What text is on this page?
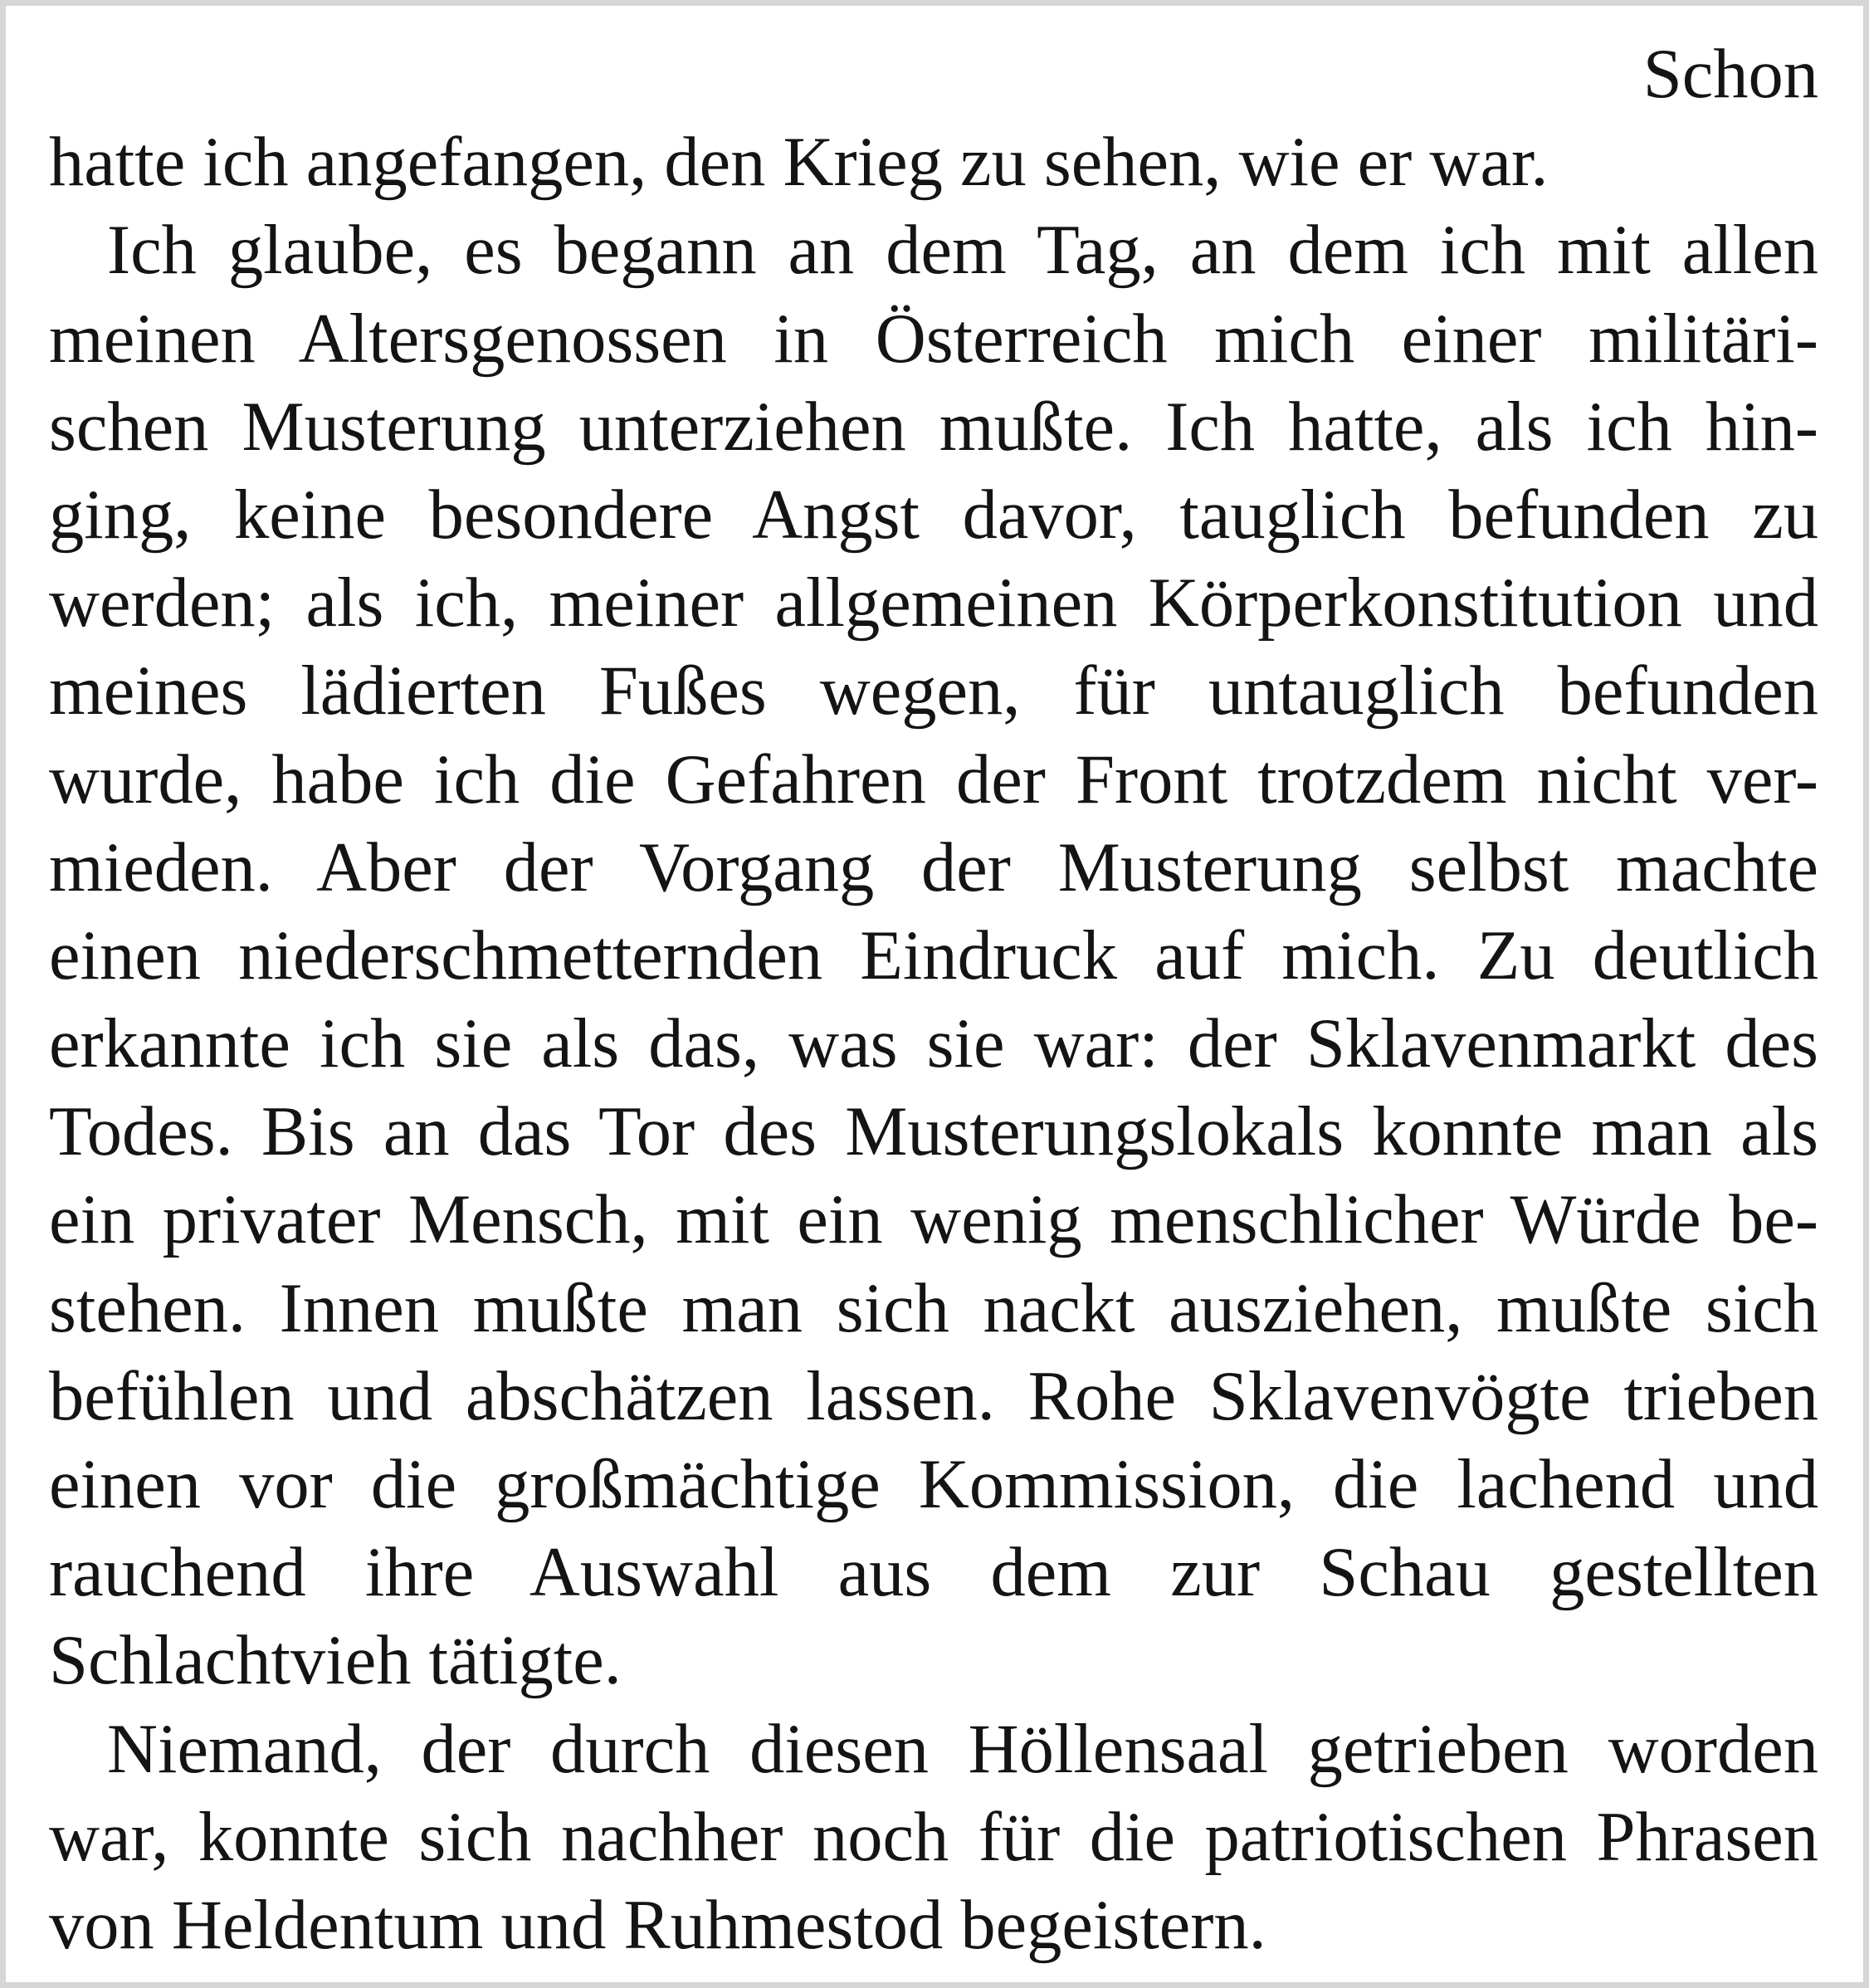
Schon
hatte ich angefangen, den Krieg zu sehen, wie er war.
Ich glaube, es begann an dem Tag, an dem ich mit allen
meinen Altersgenossen in Österreich mich einer militäri-
schen Musterung unterziehen mußte. Ich hatte, als ich hin-
ging, keine besondere Angst davor, tauglich befunden zu
werden; als ich, meiner allgemeinen Körperkonstitution und
meines lädierten Fußes wegen, für untauglich befunden
wurde, habe ich die Gefahren der Front trotzdem nicht ver-
mieden. Aber der Vorgang der Musterung selbst machte
einen niederschmetternden Eindruck auf mich. Zu deutlich
erkannte ich sie als das, was sie war: der Sklavenmarkt des
Todes. Bis an das Tor des Musterungslokals konnte man als
ein privater Mensch, mit ein wenig menschlicher Würde be-
stehen. Innen mußte man sich nackt ausziehen, mußte sich
befühlen und abschätzen lassen. Rohe Sklavenvögte trieben
einen vor die großmächtige Kommission, die lachend und
rauchend ihre Auswahl aus dem zur Schau gestellten
Schlachtvieh tätigte.
Niemand, der durch diesen Höllensaal getrieben worden
war, konnte sich nachher noch für die patriotischen Phrasen
von Heldentum und Ruhmestod begeistern.
